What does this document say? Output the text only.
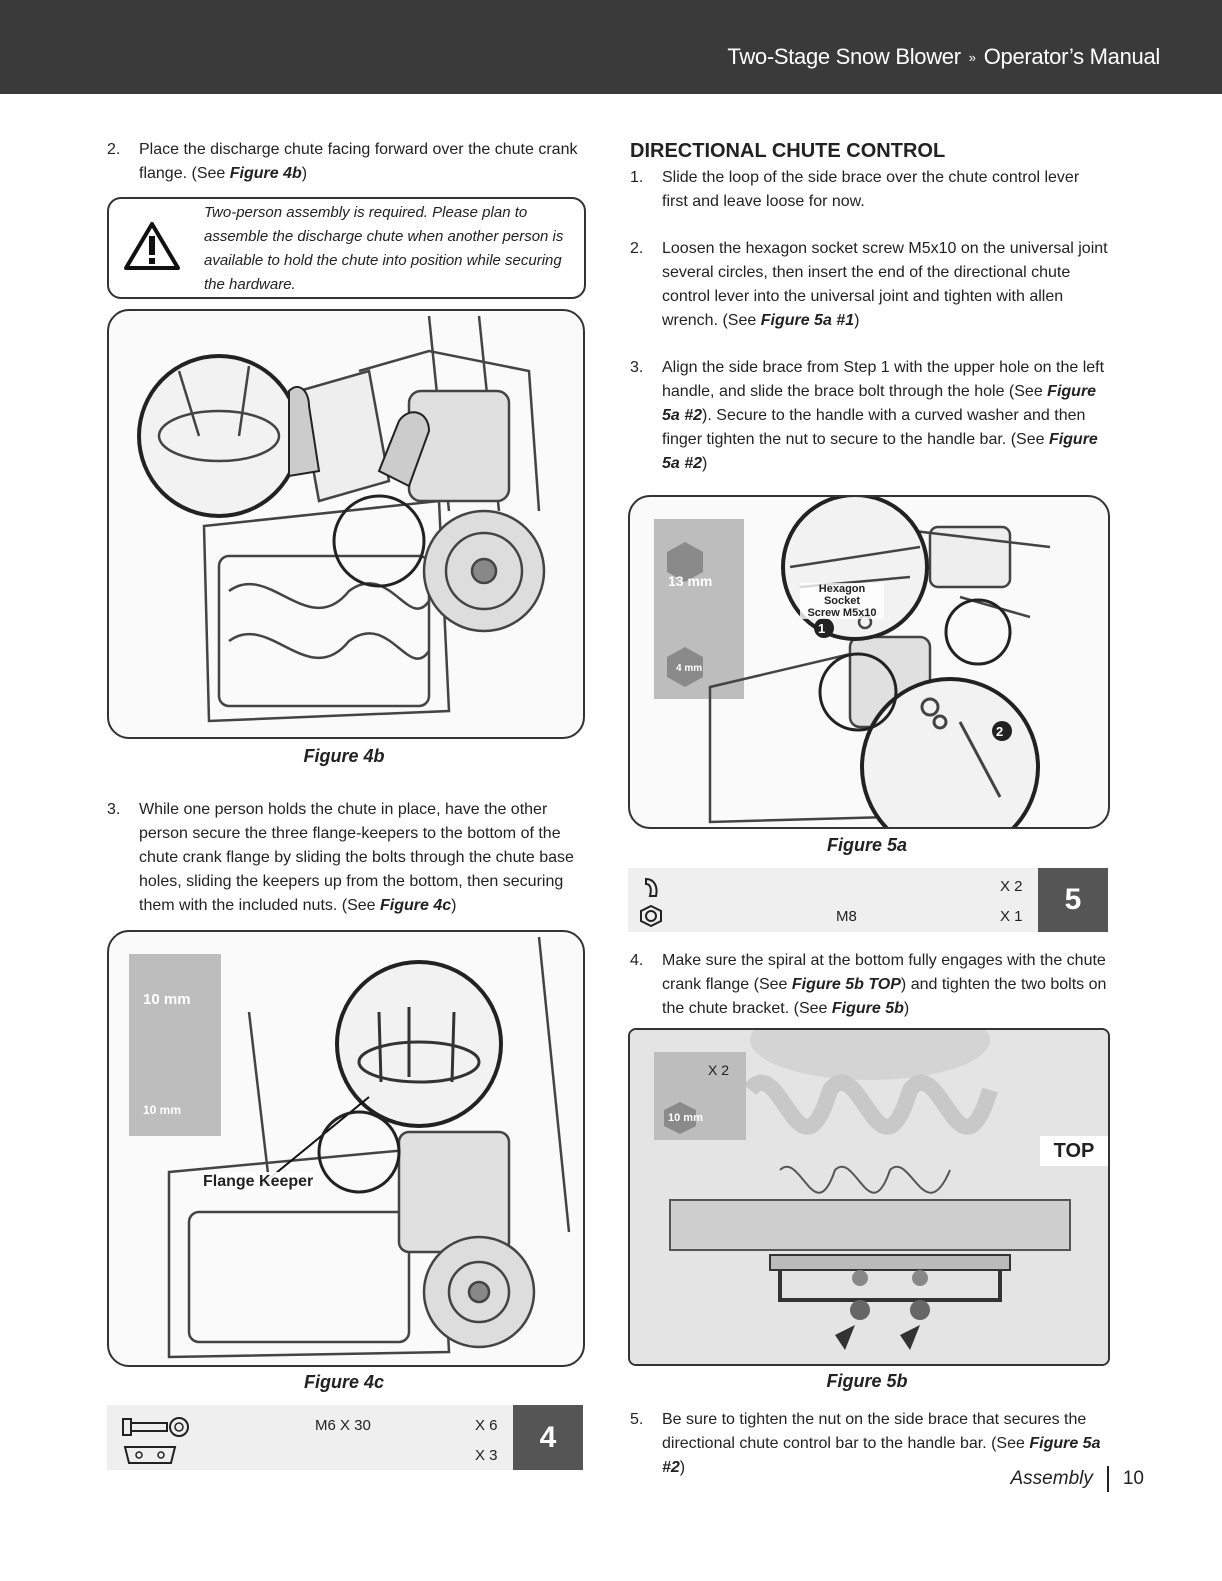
Two-Stage Snow Blower » Operator’s Manual
2. Place the discharge chute facing forward over the chute crank flange. (See Figure 4b)
Two-person assembly is required. Please plan to assemble the discharge chute when another person is available to hold the chute into position while securing the hardware.
Figure 4b
3. While one person holds the chute in place, have the other person secure the three flange-keepers to the bottom of the chute crank flange by sliding the bolts through the chute base holes, sliding the keepers up from the bottom, then securing them with the included nuts. (See Figure 4c)
10 mm
10 mm
Flange Keeper
Figure 4c
M6 X 30	X 6
X 3
4
DIRECTIONAL CHUTE CONTROL
1. Slide the loop of the side brace over the chute control lever first and leave loose for now.
2. Loosen the hexagon socket screw M5x10 on the universal joint several circles, then insert the end of the directional chute control lever into the universal joint and tighten with allen wrench. (See Figure 5a #1)
3. Align the side brace from Step 1 with the upper hole on the left handle, and slide the brace bolt through the hole (See Figure 5a #2). Secure to the handle with a curved washer and then finger tighten the nut to secure to the handle bar. (See Figure 5a #2)
13 mm
4 mm
Hexagon Socket
Screw M5x10
1
2
Figure 5a
X 2
M8	X 1
5
4. Make sure the spiral at the bottom fully engages with the chute crank flange (See Figure 5b TOP) and tighten the two bolts on the chute bracket. (See Figure 5b)
X 2
10 mm
TOP
Figure 5b
5. Be sure to tighten the nut on the side brace that secures the directional chute control bar to the handle bar. (See Figure 5a #2)
Assembly 10
